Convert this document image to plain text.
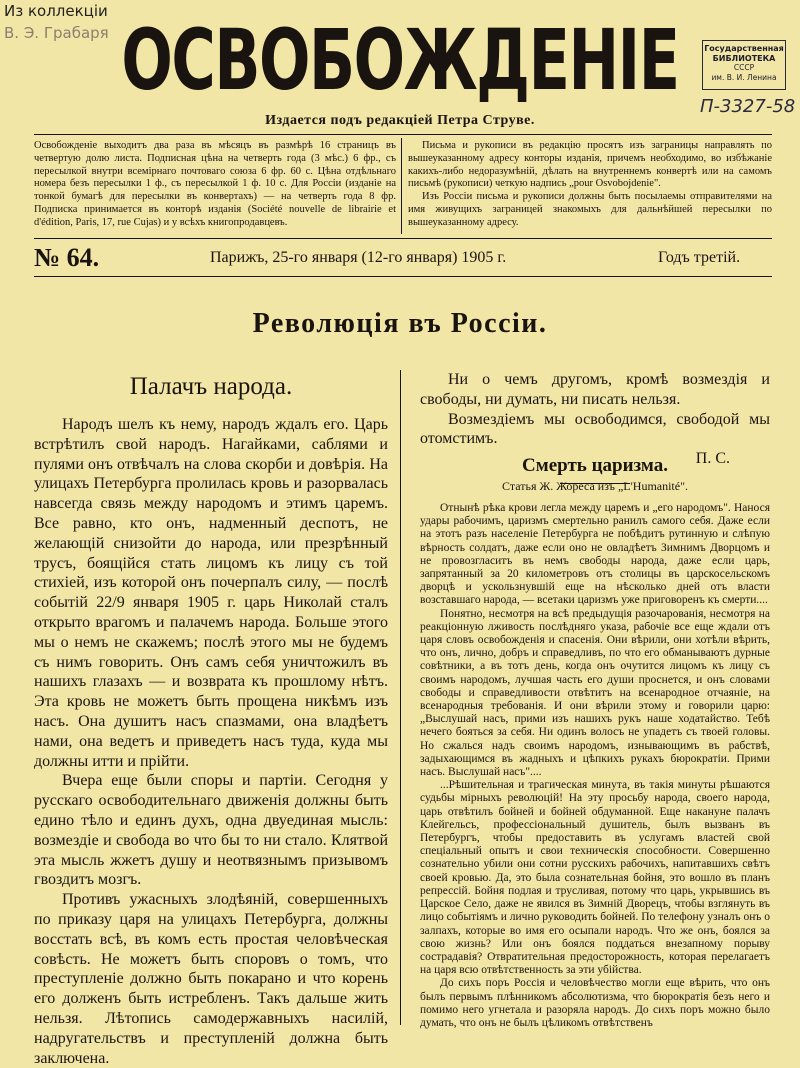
Из коллекціи
В. Э. Грабаря
Государственная
БИБЛИОТЕКА
СССР
им. В. И. Ленина
П-3327-58
ОСВОБОЖДЕНІЕ
Издается подъ редакціей Петра Струве.
Освобожденіе выходитъ два раза въ мѣсяцъ въ размѣрѣ 16 страницъ въ четвертую долю листа. Подписная цѣна на четверть года (3 мѣс.) 6 фр., съ пересылкой внутри всемірнаго почтоваго союза 6 фр. 60 с. Цѣна отдѣльнаго номера безъ пересылки 1 ф., съ пересылкой 1 ф. 10 с. Для Россіи (изданіе на тонкой бумагѣ для пересылки въ конвертахъ) — на четверть года 8 фр. Подписка принимается въ конторѣ изданія (Société nouvelle de librairie et d'édition, Paris, 17, rue Cujas) и у всѣхъ книгопродавцевъ.
Письма и рукописи въ редакцію просятъ изъ заграницы направлять по вышеуказанному адресу конторы изданія, причемъ необходимо, во избѣжаніе какихъ-либо недоразумѣній, дѣлать на внутреннемъ конвертѣ или на самомъ письмѣ (рукописи) четкую надпись „pour Osvobojdenie".
Изъ Россіи письма и рукописи должны быть посылаемы отправителями на имя живущихъ заграницей знакомыхъ для дальнѣйшей пересылки по вышеуказанному адресу.
№ 64.	Парижъ, 25-го января (12-го января) 1905 г.	Годъ третій.
Революція въ Россіи.
Палачъ народа.

Народъ шелъ къ нему, народъ ждалъ его. Царь встрѣтилъ свой народъ. Нагайками, саблями и пулями онъ отвѣчалъ на слова скорби и довѣрія. На улицахъ Петербурга пролилась кровь и разорвалась навсегда связь между народомъ и этимъ царемъ. Все равно, кто онъ, надменный деспотъ, не желающій снизойти до народа, или презрѣнный трусъ, боящійся стать лицомъ къ лицу съ той стихіей, изъ которой онъ почерпалъ силу, — послѣ событій 22/9 января 1905 г. царь Николай сталъ открыто врагомъ и палачемъ народа. Больше этого мы о немъ не скажемъ; послѣ этого мы не будемъ съ нимъ говорить. Онъ самъ себя уничтожилъ въ нашихъ глазахъ — и возврата къ прошлому нѣтъ. Эта кровь не можетъ быть прощена никѣмъ изъ насъ. Она душитъ насъ спазмами, она владѣетъ нами, она ведетъ и приведетъ насъ туда, куда мы должны итти и прійти.

Вчера еще были споры и партіи. Сегодня у русскаго освободительнаго движенія должны быть едино тѣло и единъ духъ, одна двуединая мысль: возмездіе и свобода во что бы то ни стало. Клятвой эта мысль жжетъ душу и неотвязнымъ призывомъ гвоздитъ мозгъ.

Противъ ужасныхъ злодѣяній, совершенныхъ по приказу царя на улицахъ Петербурга, должны восстать всѣ, въ комъ есть простая человѣческая совѣсть. Не можетъ быть споровъ о томъ, что преступленіе должно быть покарано и что корень его долженъ быть истребленъ. Такъ дальше жить нельзя. Лѣтопись самодержавныхъ насилій, надругательствъ и преступленій должна быть заключена.

Ни о чемъ другомъ, кромѣ возмездія и свободы, ни думать, ни писать нельзя.

Возмездіемъ мы освободимся, свободой мы отомстимъ.

П. С.
Смерть царизма.
Статья Ж. Жореса изъ „L'Humanité".

Отнынѣ рѣка крови легла между царемъ и „его народомъ". Нанося удары рабочимъ, царизмъ смертельно ранилъ самого себя. Даже если на этотъ разъ населеніе Петербурга не побѣдитъ рутинную и слѣпую вѣрность солдатъ, даже если оно не овладѣетъ Зимнимъ Дворцомъ и не провозгласитъ въ немъ свободы народа, даже если царь, запрятанный за 20 километровъ отъ столицы въ царскосельскомъ дворцѣ и ускользнувшій еще на нѣсколько дней отъ власти возставшаго народа, — всетаки царизмъ уже приговоренъ къ смерти....

Понятно, несмотря на всѣ предыдущія разочарованія, несмотря на реакціонную лживость послѣдняго указа, рабочіе все еще ждали отъ царя словъ освобожденія и спасенія. Они вѣрили, они хотѣли вѣрить, что онъ, лично, добръ и справедливъ, по что его обманываютъ дурные совѣтники, а въ тотъ день, когда онъ очутится лицомъ къ лицу съ своимъ народомъ, лучшая часть его души проснется, и онъ словами свободы и справедливости отвѣтитъ на всенародное отчаяніе, на всенародныя требованія. И они вѣрили этому и говорили царю: „Выслушай насъ, прими изъ нашихъ рукъ наше ходатайство. Тебѣ нечего бояться за себя. Ни одинъ волосъ не упадетъ съ твоей головы. Но сжалься надъ своимъ народомъ, изнывающимъ въ рабствѣ, задыхающимся въ жадныхъ и цѣпкихъ рукахъ бюрократіи. Прими насъ. Выслушай насъ"....

...Рѣшительная и трагическая минута, въ такія минуты рѣшаются судьбы мірныхъ революцій! На эту просьбу народа, своего народа, царь отвѣтилъ бойней и бойней обдуманной. Еще накануне палачъ Клейгельсъ, профессіональный душитель, былъ вызванъ въ Петербургъ, чтобы предоставить въ услугамъ властей свой спеціальный опытъ и свои техническія способности. Совершенно сознательно убили они сотни русскихъ рабочихъ, напитавшихъ свѣтъ своей кровью. Да, это была сознательная бойня, это вошло въ планъ репрессій. Бойня подлая и трусливая, потому что царь, укрывшись въ Царское Село, даже не явился въ Зимній Дворецъ, чтобы взглянуть въ лицо событіямъ и лично руководить бойней. По телефону узналъ онъ о залпахъ, которые во имя его осыпали народъ. Что же онъ, боялся за свою жизнь? Или онъ боялся поддаться внезапному порыву сострадавія? Отвратительная предосторожность, которая перелагаетъ на царя всю отвѣтственность за эти убійства.

До сихъ поръ Россія и человѣчество могли еще вѣрить, что онъ былъ первымъ плѣнникомъ абсолютизма, что бюрократія безъ него и помимо него угнетала и разоряла народъ. До сихъ поръ можно было думать, что онъ не былъ цѣликомъ отвѣтственъ
